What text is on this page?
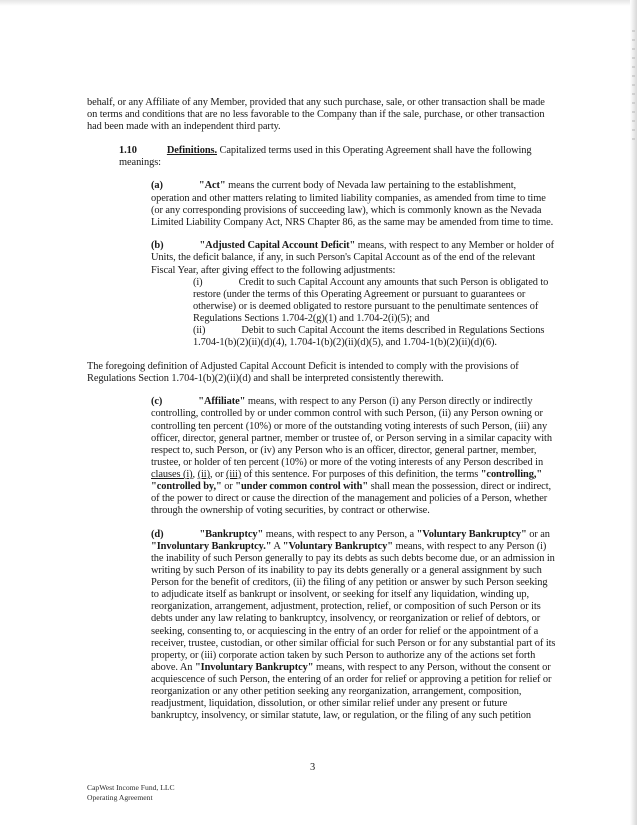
behalf, or any Affiliate of any Member, provided that any such purchase, sale, or other transaction shall be made on terms and conditions that are no less favorable to the Company than if the sale, purchase, or other transaction had been made with an independent third party.

1.10	Definitions. Capitalized terms used in this Operating Agreement shall have the following meanings:

(a)	"Act" means the current body of Nevada law pertaining to the establishment, operation and other matters relating to limited liability companies, as amended from time to time (or any corresponding provisions of succeeding law), which is commonly known as the Nevada Limited Liability Company Act, NRS Chapter 86, as the same may be amended from time to time.

(b)	"Adjusted Capital Account Deficit" means, with respect to any Member or holder of Units, the deficit balance, if any, in such Person's Capital Account as of the end of the relevant Fiscal Year, after giving effect to the following adjustments:

(i)	Credit to such Capital Account any amounts that such Person is obligated to restore (under the terms of this Operating Agreement or pursuant to guarantees or otherwise) or is deemed obligated to restore pursuant to the penultimate sentences of Regulations Sections 1.704-2(g)(1) and 1.704-2(i)(5); and

(ii)	Debit to such Capital Account the items described in Regulations Sections 1.704-1(b)(2)(ii)(d)(4), 1.704-1(b)(2)(ii)(d)(5), and 1.704-1(b)(2)(ii)(d)(6).

The foregoing definition of Adjusted Capital Account Deficit is intended to comply with the provisions of Regulations Section 1.704-1(b)(2)(ii)(d) and shall be interpreted consistently therewith.

(c)	"Affiliate" means, with respect to any Person (i) any Person directly or indirectly controlling, controlled by or under common control with such Person, (ii) any Person owning or controlling ten percent (10%) or more of the outstanding voting interests of such Person, (iii) any officer, director, general partner, member or trustee of, or Person serving in a similar capacity with respect to, such Person, or (iv) any Person who is an officer, director, general partner, member, trustee, or holder of ten percent (10%) or more of the voting interests of any Person described in clauses (i), (ii), or (iii) of this sentence. For purposes of this definition, the terms "controlling," "controlled by," or "under common control with" shall mean the possession, direct or indirect, of the power to direct or cause the direction of the management and policies of a Person, whether through the ownership of voting securities, by contract or otherwise.

(d)	"Bankruptcy" means, with respect to any Person, a "Voluntary Bankruptcy" or an "Involuntary Bankruptcy." A "Voluntary Bankruptcy" means, with respect to any Person (i) the inability of such Person generally to pay its debts as such debts become due, or an admission in writing by such Person of its inability to pay its debts generally or a general assignment by such Person for the benefit of creditors, (ii) the filing of any petition or answer by such Person seeking to adjudicate itself as bankrupt or insolvent, or seeking for itself any liquidation, winding up, reorganization, arrangement, adjustment, protection, relief, or composition of such Person or its debts under any law relating to bankruptcy, insolvency, or reorganization or relief of debtors, or seeking, consenting to, or acquiescing in the entry of an order for relief or the appointment of a receiver, trustee, custodian, or other similar official for such Person or for any substantial part of its property, or (iii) corporate action taken by such Person to authorize any of the actions set forth above. An "Involuntary Bankruptcy" means, with respect to any Person, without the consent or acquiescence of such Person, the entering of an order for relief or approving a petition for relief or reorganization or any other petition seeking any reorganization, arrangement, composition, readjustment, liquidation, dissolution, or other similar relief under any present or future bankruptcy, insolvency, or similar statute, law, or regulation, or the filing of any such petition

3
CapWest Income Fund, LLC
Operating Agreement
